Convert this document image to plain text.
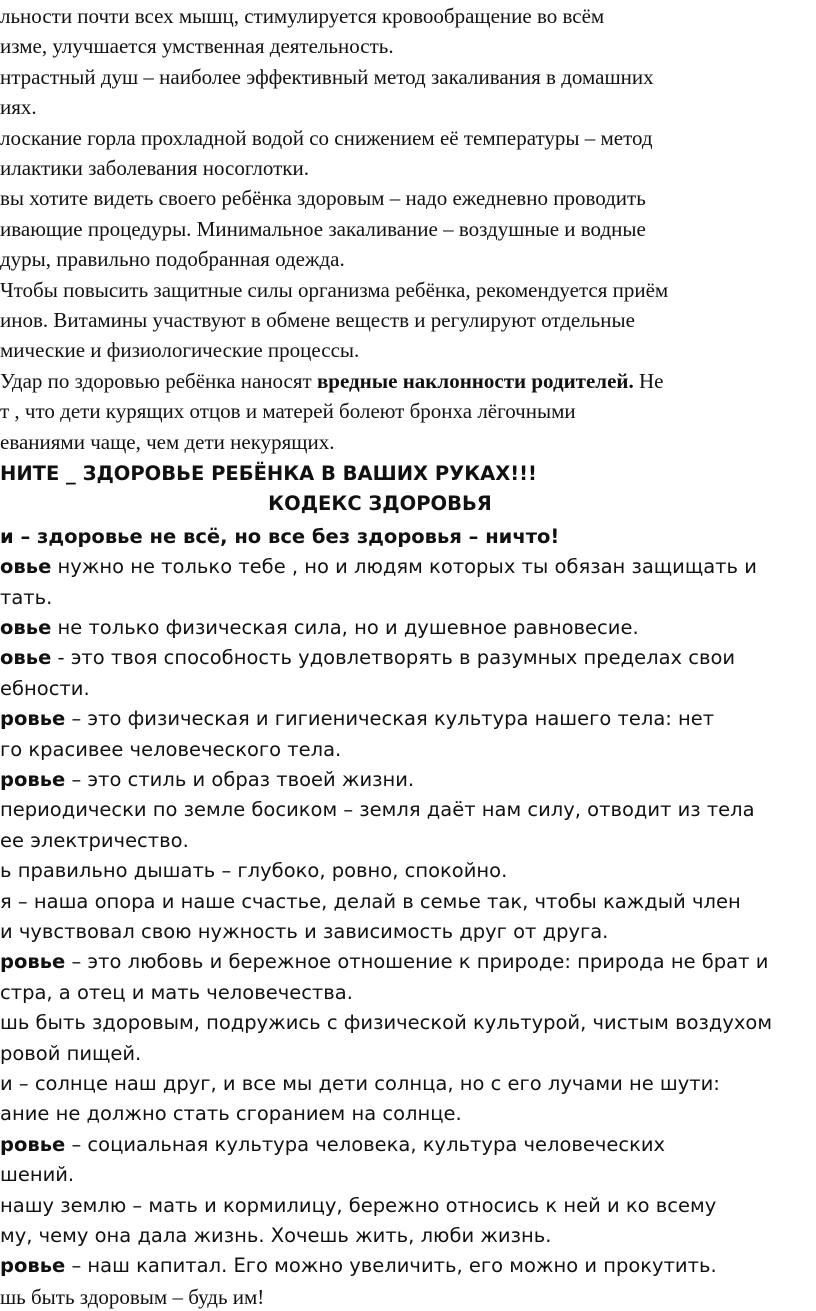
льности почти всех мышц, стимулируется кровообращение во всём
изме, улучшается умственная деятельность.
нтрастный душ – наиболее эффективный метод закаливания в домашних
иях.
лоскание горла прохладной водой со снижением её температуры – метод
илактики заболевания носоглотки.
вы хотите видеть своего ребёнка здоровым – надо ежедневно проводить
ивающие процедуры. Минимальное закаливание – воздушные и водные
дуры, правильно подобранная одежда.
Чтобы повысить защитные силы организма ребёнка, рекомендуется приём
инов. Витамины участвуют в обмене веществ и регулируют отдельные
мические и физиологические процессы.
Удар по здоровью ребёнка наносят вредные наклонности родителей. Не
т , что дети курящих отцов и матерей болеют бронха лёгочными
еваниями чаще, чем дети некурящих.
НИТЕ _ ЗДОРОВЬЕ РЕБЁНКА В ВАШИХ РУКАХ!!!
КОДЕКС ЗДОРОВЬЯ
и – здоровье не всё, но все без здоровья – ничто!
овье нужно не только тебе , но и людям которых ты обязан защищать и
тать.
овье не только физическая сила, но и душевное равновесие.
овье - это твоя способность удовлетворять в разумных пределах свои
ебности.
ровье – это физическая и гигиеническая культура нашего тела: нет
го красивее человеческого тела.
ровье – это стиль и образ твоей жизни.
периодически по земле босиком – земля даёт нам силу, отводит из тела
ее электричество.
ь правильно дышать – глубоко, ровно, спокойно.
я – наша опора и наше счастье, делай в семье так, чтобы каждый член
и чувствовал свою нужность и зависимость друг от друга.
ровье – это любовь и бережное отношение к природе: природа не брат и
стра, а отец и мать человечества.
шь быть здоровым, подружись с физической культурой, чистым воздухом
ровой пищей.
и – солнце наш друг, и все мы дети солнца, но с его лучами не шути:
ание не должно стать сгоранием на солнце.
ровье – социальная культура человека, культура человеческих
шений.
нашу землю – мать и кормилицу, бережно относись к ней и ко всему
му, чему она дала жизнь. Хочешь жить, люби жизнь.
ровье – наш капитал. Его можно увеличить, его можно и прокутить.
шь быть здоровым – будь им!
